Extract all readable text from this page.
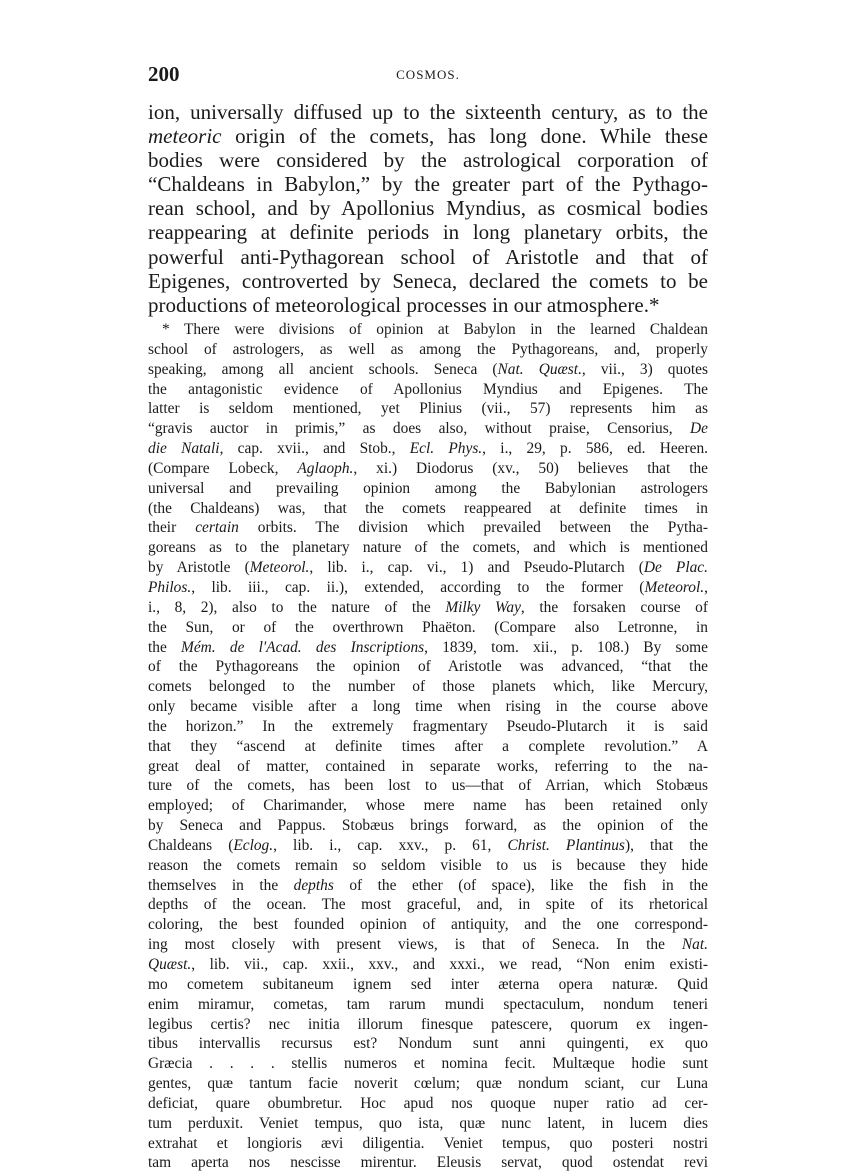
200	COSMOS.
ion, universally diffused up to the sixteenth century, as to the
meteoric origin of the comets, has long done. While these
bodies were considered by the astrological corporation of
“Chaldeans in Babylon,” by the greater part of the Pythago-
rean school, and by Apollonius Myndius, as cosmical bodies
reappearing at definite periods in long planetary orbits, the
powerful anti-Pythagorean school of Aristotle and that of
Epigenes, controverted by Seneca, declared the comets to be
productions of meteorological processes in our atmosphere.*
* There were divisions of opinion at Babylon in the learned Chaldean
school of astrologers, as well as among the Pythagoreans, and, properly
speaking, among all ancient schools. Seneca (Nat. Quæst., vii., 3) quotes
the antagonistic evidence of Apollonius Myndius and Epigenes. The
latter is seldom mentioned, yet Plinius (vii., 57) represents him as
“gravis auctor in primis,” as does also, without praise, Censorius, De
die Natali, cap. xvii., and Stob., Ecl. Phys., i., 29, p. 586, ed. Heeren.
(Compare Lobeck, Aglaoph., xi.) Diodorus (xv., 50) believes that the
universal and prevailing opinion among the Babylonian astrologers
(the Chaldeans) was, that the comets reappeared at definite times in
their certain orbits. The division which prevailed between the Pytha-
goreans as to the planetary nature of the comets, and which is mentioned
by Aristotle (Meteorol., lib. i., cap. vi., 1) and Pseudo-Plutarch (De Plac.
Philos., lib. iii., cap. ii.), extended, according to the former (Meteorol.,
i., 8, 2), also to the nature of the Milky Way, the forsaken course of
the Sun, or of the overthrown Phaëton. (Compare also Letronne, in
the Mém. de l'Acad. des Inscriptions, 1839, tom. xii., p. 108.) By some
of the Pythagoreans the opinion of Aristotle was advanced, “that the
comets belonged to the number of those planets which, like Mercury,
only became visible after a long time when rising in the course above
the horizon.” In the extremely fragmentary Pseudo-Plutarch it is said
that they “ascend at definite times after a complete revolution.” A
great deal of matter, contained in separate works, referring to the na-
ture of the comets, has been lost to us—that of Arrian, which Stobæus
employed; of Charimander, whose mere name has been retained only
by Seneca and Pappus. Stobæus brings forward, as the opinion of the
Chaldeans (Eclog., lib. i., cap. xxv., p. 61, Christ. Plantinus), that the
reason the comets remain so seldom visible to us is because they hide
themselves in the depths of the ether (of space), like the fish in the
depths of the ocean. The most graceful, and, in spite of its rhetorical
coloring, the best founded opinion of antiquity, and the one correspond-
ing most closely with present views, is that of Seneca. In the Nat.
Quæst., lib. vii., cap. xxii., xxv., and xxxi., we read, “Non enim existi-
mo cometem subitaneum ignem sed inter æterna opera naturæ. Quid
enim miramur, cometas, tam rarum mundi spectaculum, nondum teneri
legibus certis? nec initia illorum finesque patescere, quorum ex ingen-
tibus intervallis recursus est? Nondum sunt anni quingenti, ex quo
Græcia . . . . stellis numeros et nomina fecit. Multæque hodie sunt
gentes, quæ tantum facie noverit cœlum; quæ nondum sciant, cur Luna
deficiat, quare obumbretur. Hoc apud nos quoque nuper ratio ad cer-
tum perduxit. Veniet tempus, quo ista, quæ nunc latent, in lucem dies
extrahat et longioris ævi diligentia. Veniet tempus, quo posteri nostri
tam aperta nos nescisse mirentur. Eleusis servat, quod ostendat revi
